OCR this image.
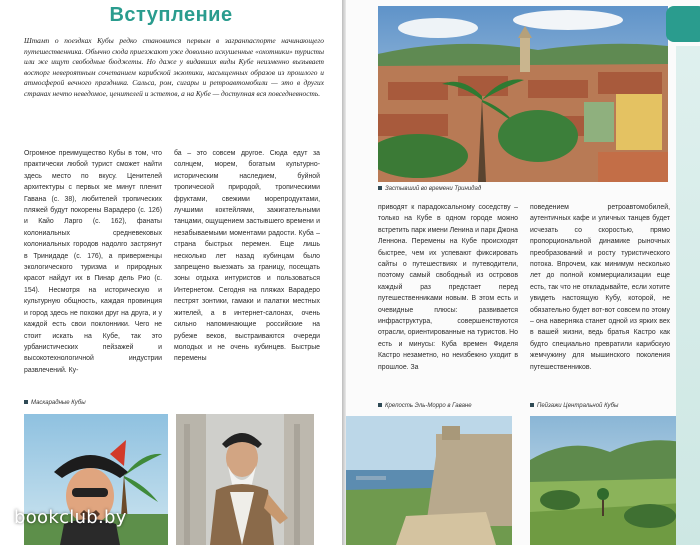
Вступление
Штамп о поездках Кубы редко становится первым в загранпаспорте начинающего путешественника. Обычно сюда приезжают уже довольно искушенные «охотники» туристы или же ищут свободные бюджеты. Но даже у видавших виды Кубе неизменно вызывает восторг невероятным сочетанием карибской экзотики, насыщенных образов из прошлого и атмосферой вечного праздника. Сальса, ром, сигары и ретроавтомобили — это в других странах нечто неведомое, ценителей и эстетов, а на Кубе — доступная вся повседневность.
Огромное преимущество Кубы в том, что практически любой турист сможет найти здесь место по вкусу. Ценителей архитектуры с первых же минут пленит Гавана (с. 38), любителей тропических пляжей будут покорены Варадеро (с. 126) и Кайо Ларго (с. 162), фанаты колониальных средневековых колониальных городов надолго застрянут в Тринидаде (с. 176), а приверженцы экологического туризма и природных красот найдут их в Пинар дель Рио (с. 154). Несмотря на историческую и культурную общность, каждая провинция и город здесь не похожи друг на друга, и у каждой есть свои поклонники. Чего не стоит искать на Кубе, так это урбанистических пейзажей и высокотехнологичной индустрии развлечений. Ку-
ба – это совсем другое. Сюда едут за солнцем, морем, богатым культурно-историческим наследием, буйной тропической природой, тропическими фруктами, свежими морепродуктами, лучшими коктейлями, зажигательными танцами, ощущением застывшего времени и незабываемыми моментами радости. Куба – страна быстрых перемен. Еще лишь несколько лет назад кубинцам было запрещено выезжать за границу, посещать зоны отдыха интуристов и пользоваться Интернетом. Сегодня на пляжах Варадеро пестрят зонтики, гамаки и палатки местных жителей, а в интернет-салонах, очень сильно напоминающие российские на рубеже веков, выстраиваются очереди молодых и не очень кубинцев. Быстрые перемены
Маскарадные Кубы
Застывший во времени Тринидад
приводят к парадоксальному соседству – только на Кубе в одном городе можно встретить парк имени Ленина и парк Джона Леннона. Перемены на Кубе происходят быстрее, чем их успевают фиксировать сайты о путешествиях и путеводители, поэтому самый свободный из островов каждый раз предстает перед путешественниками новым. В этом есть и очевидные плюсы: развивается инфраструктура, совершенствуются отрасли, ориентированные на туристов. Но есть и минусы: Куба времен Фиделя Кастро незаметно, но неизбежно уходит в прошлое. За
поведением ретроавтомобилей, аутентичных кафе и уличных танцев будет исчезать со скоростью, прямо пропорциональной динамике рыночных преобразований и росту туристического потока. Впрочем, как минимум несколько лет до полной коммерциализации еще есть, так что не откладывайте, если хотите увидеть настоящую Кубу, которой, не обязательно будет вот-вот совсем по этому – она наверняка станет одной из ярких вех в вашей жизни, ведь братья Кастро как будто специально превратили карибскую жемчужину для мышинского поколения путешественников.
Крепость Эль-Морро в Гаване	Пейзажи Центральной Кубы
bookclub.by
